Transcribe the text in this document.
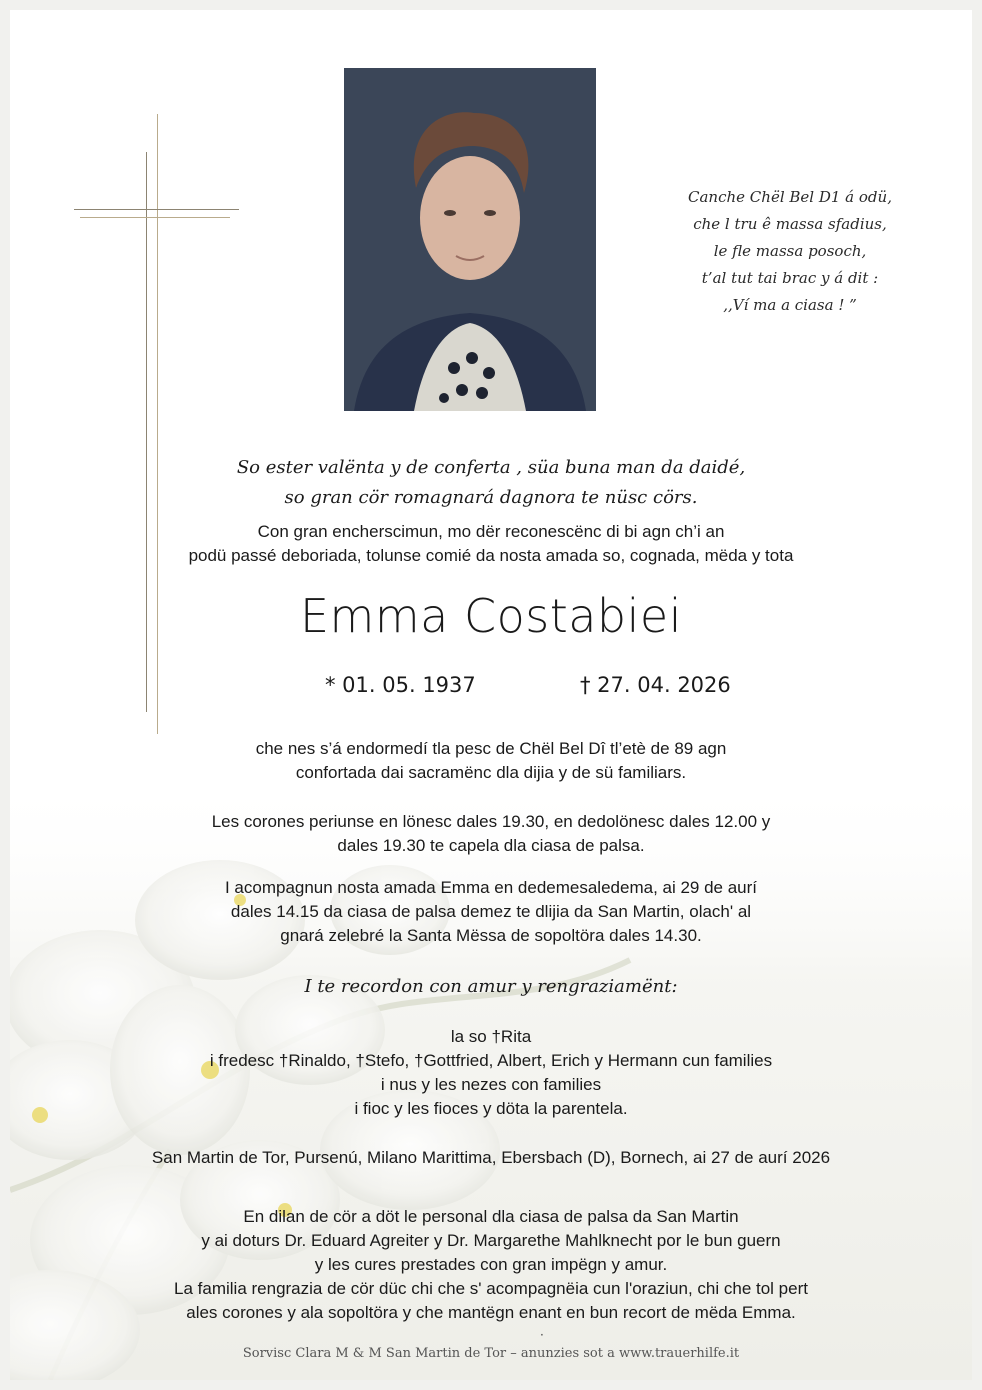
Canche Chël Bel D1 á odü,
che l tru ê massa sfadius,
le fle massa posoch,
t’al tut tai brac y á dit :
,,Ví ma a ciasa ! ”
So ester valënta y de conferta , süa buna man da daidé,
so gran cör romagnará dagnora te nüsc cörs.
Con gran encherscimun, mo dër reconescënc di bi agn ch’i an
podü passé deboriada, tolunse comié da nosta amada so, cognada, mëda y tota
Emma Costabiei
* 01. 05. 1937	† 27. 04. 2026
che nes s’á endormedí tla pesc de Chël Bel Dî tl’etè de 89 agn
confortada dai sacramënc dla dijia y de sü familiars.
Les corones periunse en lönesc dales 19.30, en dedolönesc dales 12.00 y
dales 19.30 te capela dla ciasa de palsa.
I acompagnun nosta amada Emma en dedemesaledema, ai 29 de aurí
dales 14.15 da ciasa de palsa demez te dlijia da San Martin, olach' al
gnará zelebré la Santa Mëssa de sopoltöra dales 14.30.
I te recordon con amur y rengraziamënt:
la so †Rita
i fredesc †Rinaldo, †Stefo, †Gottfried, Albert, Erich y Hermann cun families
i nus y les nezes con families
i fioc y les fioces y döta la parentela.
San Martin de Tor, Pursenú, Milano Marittima, Ebersbach (D), Bornech, ai 27 de aurí 2026
En dilan de cör a döt le personal dla ciasa de palsa da San Martin
y ai doturs Dr. Eduard Agreiter y Dr. Margarethe Mahlknecht por le bun guern
y les cures prestades con gran impëgn y amur.
La familia rengrazia de cör düc chi che s' acompagnëia cun l'oraziun, chi che tol pert
ales corones y ala sopoltöra y che mantëgn enant en bun recort de mëda Emma.
·
Sorvisc Clara M & M San Martin de Tor – anunzies sot a www.trauerhilfe.it
